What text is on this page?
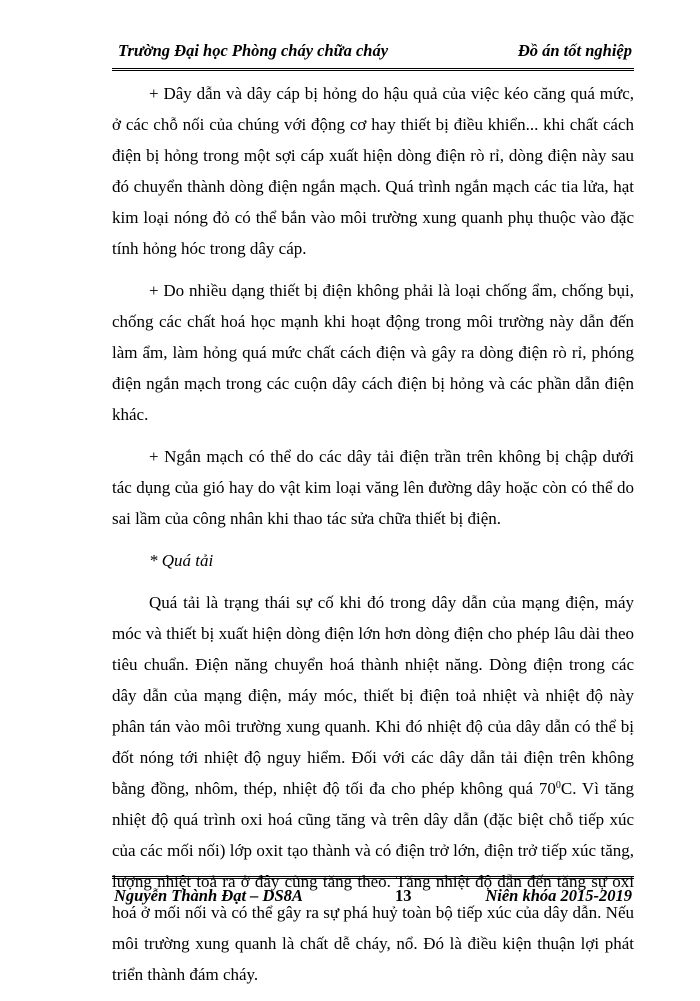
Trường Đại học Phòng cháy chữa cháy	Đồ án tốt nghiệp

+ Dây dẫn và dây cáp bị hỏng do hậu quả của việc kéo căng quá mức, ở các chỗ nối của chúng với động cơ hay thiết bị điều khiển... khi chất cách điện bị hỏng trong một sợi cáp xuất hiện dòng điện rò rỉ, dòng điện này sau đó chuyển thành dòng điện ngắn mạch. Quá trình ngắn mạch các tia lửa, hạt kim loại nóng đỏ có thể bắn vào môi trường xung quanh phụ thuộc vào đặc tính hỏng hóc trong dây cáp.

+ Do nhiều dạng thiết bị điện không phải là loại chống ẩm, chống bụi, chống các chất hoá học mạnh khi hoạt động trong môi trường này dẫn đến làm ẩm, làm hỏng quá mức chất cách điện và gây ra dòng điện rò rỉ, phóng điện ngắn mạch trong các cuộn dây cách điện bị hỏng và các phần dẫn điện khác.

+ Ngắn mạch có thể do các dây tải điện trần trên không bị chập dưới tác dụng của gió hay do vật kim loại văng lên đường dây hoặc còn có thể do sai lầm của công nhân khi thao tác sửa chữa thiết bị điện.

* Quá tải

Quá tải là trạng thái sự cố khi đó trong dây dẫn của mạng điện, máy móc và thiết bị xuất hiện dòng điện lớn hơn dòng điện cho phép lâu dài theo tiêu chuẩn. Điện năng chuyển hoá thành nhiệt năng. Dòng điện trong các dây dẫn của mạng điện, máy móc, thiết bị điện toả nhiệt và nhiệt độ này phân tán vào môi trường xung quanh. Khi đó nhiệt độ của dây dẫn có thể bị đốt nóng tới nhiệt độ nguy hiểm. Đối với các dây dẫn tải điện trên không bằng đồng, nhôm, thép, nhiệt độ tối đa cho phép không quá $70^0C$. Vì tăng nhiệt độ quá trình oxi hoá cũng tăng và trên dây dẫn (đặc biệt chỗ tiếp xúc của các mối nối) lớp oxit tạo thành và có điện trở lớn, điện trở tiếp xúc tăng, lượng nhiệt toả ra ở đây cũng tăng theo. Tăng nhiệt độ dẫn đến tăng sự oxi hoá ở mối nối và có thể gây ra sự phá huỷ toàn bộ tiếp xúc của dây dẫn. Nếu môi trường xung quanh là chất dễ cháy, nổ. Đó là điều kiện thuận lợi phát triển thành đám cháy.

Nguyễn Thành Đạt – DS8A	13	Niên khóa 2015-2019
